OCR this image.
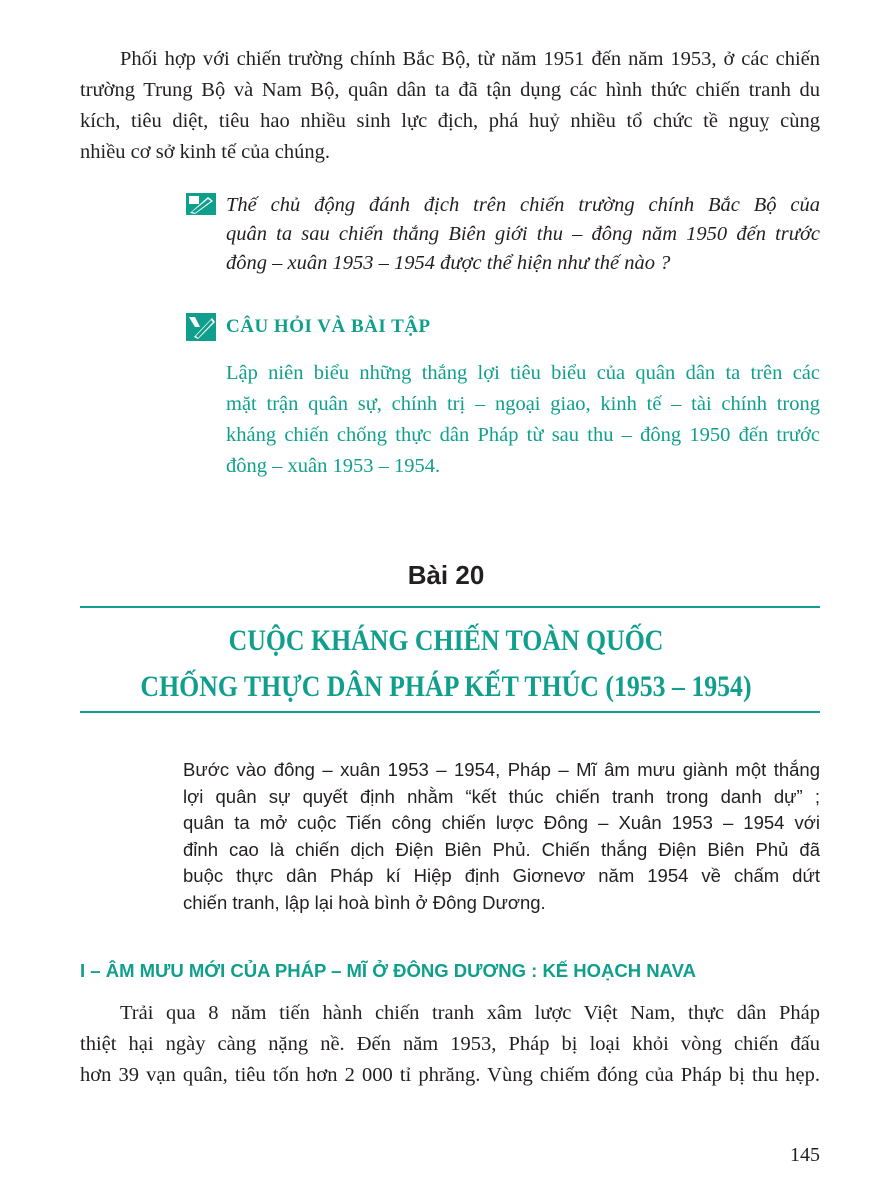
Phối hợp với chiến trường chính Bắc Bộ, từ năm 1951 đến năm 1953, ở các chiến
trường Trung Bộ và Nam Bộ, quân dân ta đã tận dụng các hình thức chiến tranh du
kích, tiêu diệt, tiêu hao nhiều sinh lực địch, phá huỷ nhiều tổ chức tề nguỵ cùng
nhiều cơ sở kinh tế của chúng.

Thế chủ động đánh địch trên chiến trường chính Bắc Bộ của
quân ta sau chiến thắng Biên giới thu – đông năm 1950 đến trước
đông – xuân 1953 – 1954 được thể hiện như thế nào ?

CÂU HỎI VÀ BÀI TẬP

Lập niên biểu những thắng lợi tiêu biểu của quân dân ta trên các
mặt trận quân sự, chính trị – ngoại giao, kinh tế – tài chính trong
kháng chiến chống thực dân Pháp từ sau thu – đông 1950 đến trước
đông – xuân 1953 – 1954.

Bài 20
CUỘC KHÁNG CHIẾN TOÀN QUỐC
CHỐNG THỰC DÂN PHÁP KẾT THÚC (1953 – 1954)

Bước vào đông – xuân 1953 – 1954, Pháp – Mĩ âm mưu giành một thắng
lợi quân sự quyết định nhằm “kết thúc chiến tranh trong danh dự” ;
quân ta mở cuộc Tiến công chiến lược Đông – Xuân 1953 – 1954 với
đỉnh cao là chiến dịch Điện Biên Phủ. Chiến thắng Điện Biên Phủ đã
buộc thực dân Pháp kí Hiệp định Giơnevơ năm 1954 về chấm dứt
chiến tranh, lập lại hoà bình ở Đông Dương.

I – ÂM MƯU MỚI CỦA PHÁP – MĨ Ở ĐÔNG DƯƠNG : KẾ HOẠCH NAVA

Trải qua 8 năm tiến hành chiến tranh xâm lược Việt Nam, thực dân Pháp
thiệt hại ngày càng nặng nề. Đến năm 1953, Pháp bị loại khỏi vòng chiến đấu
hơn 39 vạn quân, tiêu tốn hơn 2 000 tỉ phrăng. Vùng chiếm đóng của Pháp bị thu hẹp.

145
